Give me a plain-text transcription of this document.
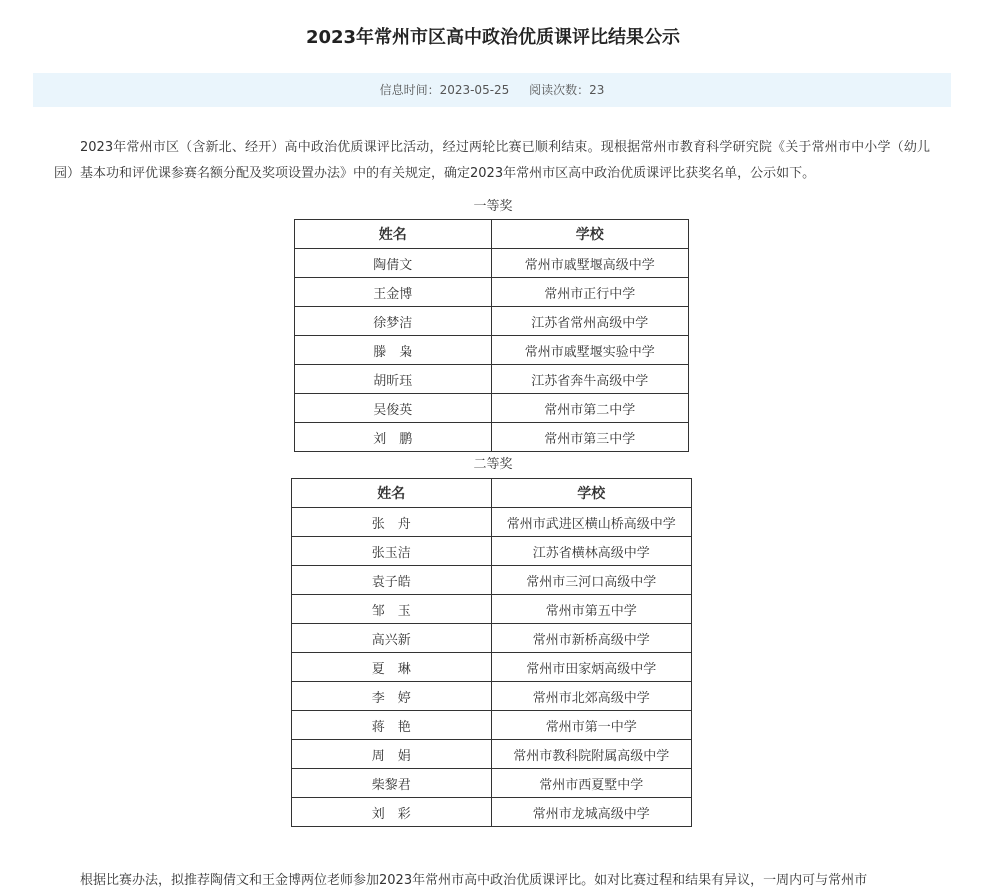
2023年常州市区高中政治优质课评比结果公示
信息时间：2023-05-25 阅读次数：23
2023年常州市区（含新北、经开）高中政治优质课评比活动，经过两轮比赛已顺利结束。现根据常州市教育科学研究院《关于常州市中小学（幼儿园）基本功和评优课参赛名额分配及奖项设置办法》中的有关规定，确定2023年常州市区高中政治优质课评比获奖名单，公示如下。
一等奖
姓名	学校
陶倩文	常州市戚墅堰高级中学
王金博	常州市正行中学
徐梦洁	江苏省常州高级中学
滕　枭	常州市戚墅堰实验中学
胡昕珏	江苏省奔牛高级中学
吴俊英	常州市第二中学
刘　鹏	常州市第三中学
二等奖
姓名	学校
张　舟	常州市武进区横山桥高级中学
张玉洁	江苏省横林高级中学
袁子皓	常州市三河口高级中学
邹　玉	常州市第五中学
高兴新	常州市新桥高级中学
夏　琳	常州市田家炳高级中学
李　婷	常州市北郊高级中学
蒋　艳	常州市第一中学
周　娟	常州市教科院附属高级中学
柴黎君	常州市西夏墅中学
刘　彩	常州市龙城高级中学
根据比赛办法，拟推荐陶倩文和王金博两位老师参加2023年常州市高中政治优质课评比。如对比赛过程和结果有异议，一周内可与常州市
